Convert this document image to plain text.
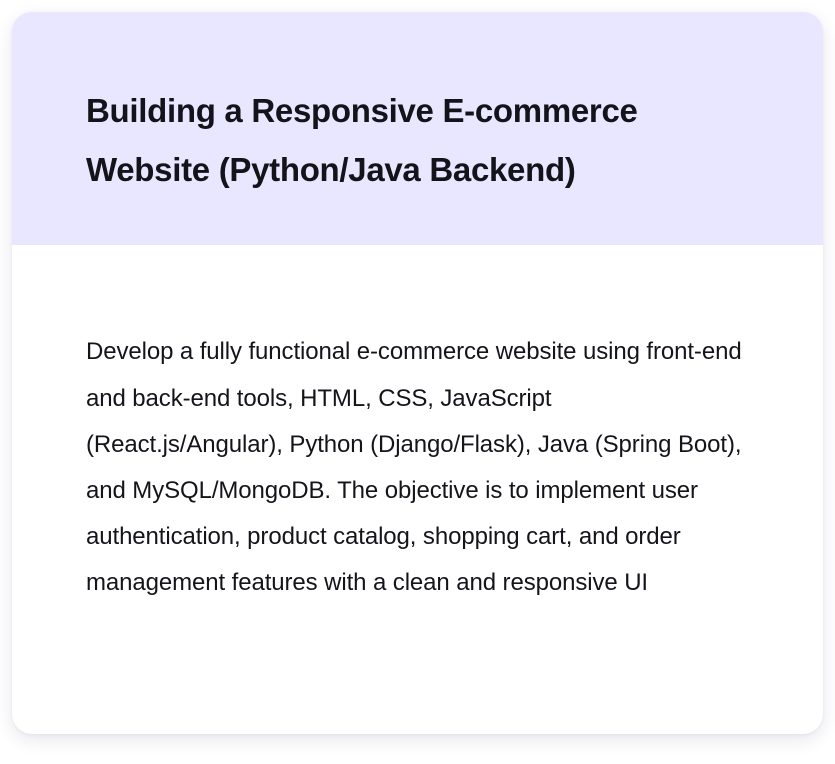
Building a Responsive E-commerce Website (Python/Java Backend)

Develop a fully functional e-commerce website using front-end and back-end tools, HTML, CSS, JavaScript (React.js/Angular), Python (Django/Flask), Java (Spring Boot), and MySQL/MongoDB. The objective is to implement user authentication, product catalog, shopping cart, and order management features with a clean and responsive UI
